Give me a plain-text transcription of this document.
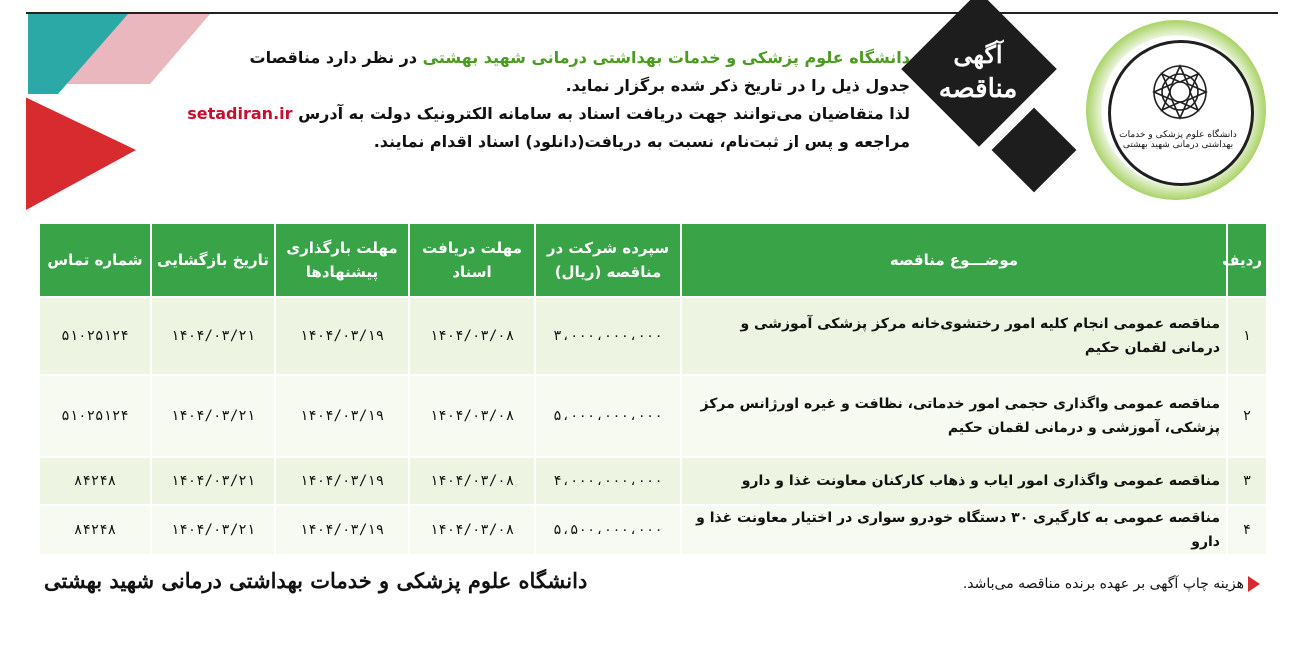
آگهی
مناقصه
دانشگاه علوم پزشکی و خدمات بهداشتی درمانی شهید بهشتی
دانشگاه علوم پزشکی و خدمات بهداشتی درمانی شهید بهشتی در نظر دارد مناقصات
جدول ذیل را در تاریخ ذکر شده برگزار نماید.
لذا متقاضیان می‌توانند جهت دریافت اسناد به سامانه الکترونیک دولت به آدرس setadiran.ir
مراجعه و پس از ثبت‌نام، نسبت به دریافت(دانلود) اسناد اقدام نمایند.
ردیف	موضـــوع مناقصه	سپرده شرکت در مناقصه (ریال)	مهلت دریافت اسناد	مهلت بارگذاری پیشنهادها	تاریخ بازگشایی	شماره تماس
۱	مناقصه عمومی انجام کلیه امور رختشوی‌خانه مرکز پزشکی آموزشی و درمانی لقمان حکیم	۳،۰۰۰،۰۰۰،۰۰۰	۱۴۰۴/۰۳/۰۸	۱۴۰۴/۰۳/۱۹	۱۴۰۴/۰۳/۲۱	۵۱۰۲۵۱۲۴
۲	مناقصه عمومی واگذاری حجمی امور خدماتی، نظافت و غیره اورژانس مرکز پزشکی، آموزشی و درمانی لقمان حکیم	۵،۰۰۰،۰۰۰،۰۰۰	۱۴۰۴/۰۳/۰۸	۱۴۰۴/۰۳/۱۹	۱۴۰۴/۰۳/۲۱	۵۱۰۲۵۱۲۴
۳	مناقصه عمومی واگذاری امور ایاب و ذهاب کارکنان معاونت غذا و دارو	۴،۰۰۰،۰۰۰،۰۰۰	۱۴۰۴/۰۳/۰۸	۱۴۰۴/۰۳/۱۹	۱۴۰۴/۰۳/۲۱	۸۴۲۴۸
۴	مناقصه عمومی به کارگیری ۳۰ دستگاه خودرو سواری در اختیار معاونت غذا و دارو	۵،۵۰۰،۰۰۰،۰۰۰	۱۴۰۴/۰۳/۰۸	۱۴۰۴/۰۳/۱۹	۱۴۰۴/۰۳/۲۱	۸۴۲۴۸
هزینه چاپ آگهی بر عهده برنده مناقصه می‌باشد.
دانشگاه علوم پزشکی و خدمات بهداشتی درمانی شهید بهشتی
